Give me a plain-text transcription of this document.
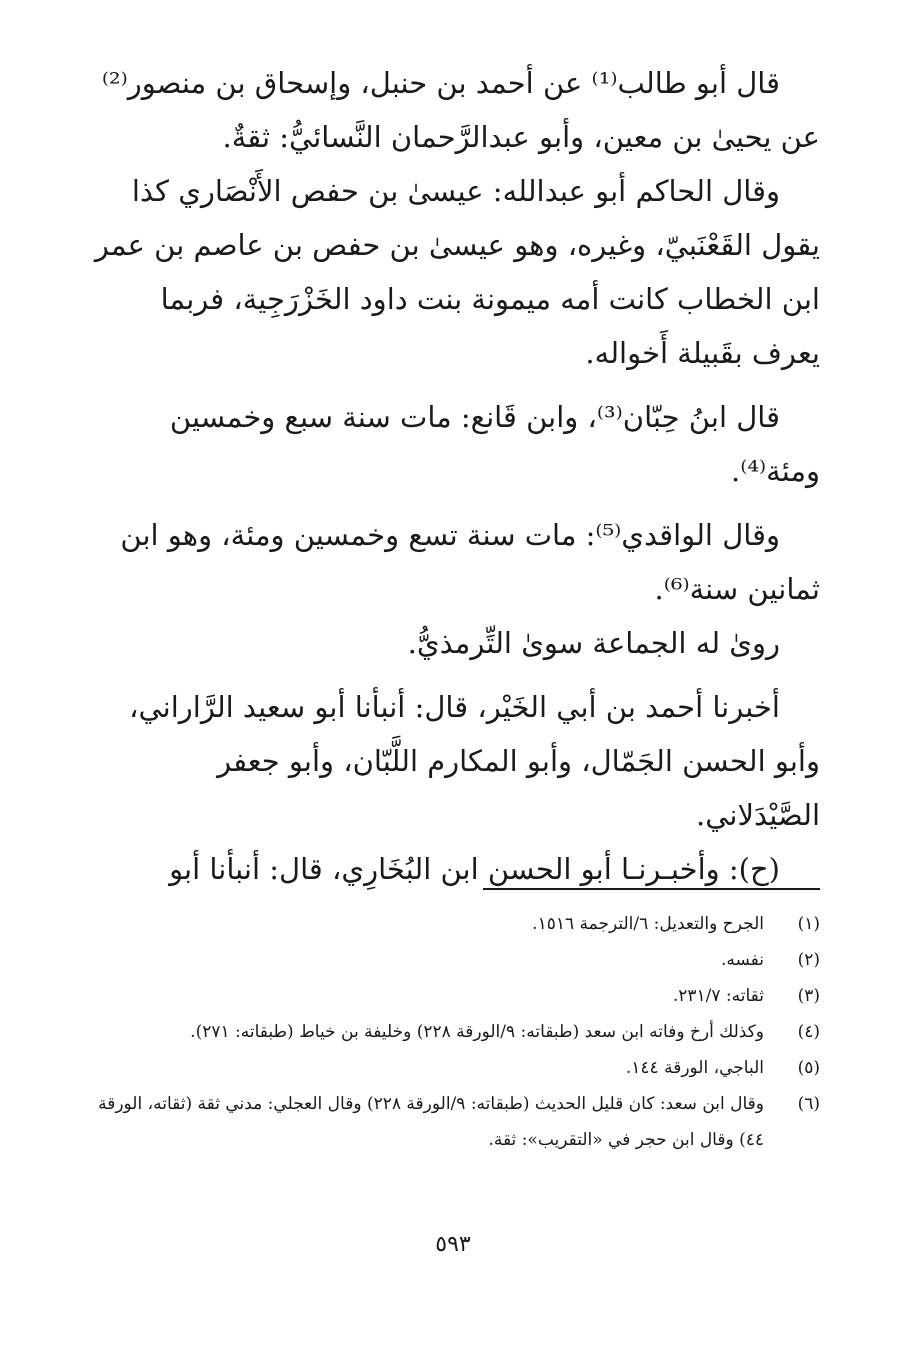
قال أبو طالب⁽¹⁾ عن أحمد بن حنبل، وإسحاق بن منصور⁽²⁾ عن يحيىٰ بن معين، وأبو عبدالرَّحمان النَّسائيُّ: ثقةٌ.

وقال الحاكم أبو عبدالله: عيسىٰ بن حفص الأَنْصَاري كذا يقول القَعْنَبيّ، وغيره، وهو عيسىٰ بن حفص بن عاصم بن عمر ابن الخطاب كانت أمه ميمونة بنت داود الخَزْرَجِية، فربما يعرف بقَبيلة أَخواله.

قال ابنُ حِبّان⁽³⁾، وابن قَانع: مات سنة سبع وخمسين ومئة⁽⁴⁾.

وقال الواقدي⁽⁵⁾: مات سنة تسع وخمسين ومئة، وهو ابن ثمانين سنة⁽⁶⁾.

روىٰ له الجماعة سوىٰ التِّرمذيُّ.

أخبرنا أحمد بن أبي الخَيْر، قال: أنبأنا أبو سعيد الرَّاراني، وأبو الحسن الجَمّال، وأبو المكارم اللَّبّان، وأبو جعفر الصَّيْدَلاني.

(ح): وأخبـرنـا أبو الحسن ابن البُخَارِي، قال: أنبأنا أبو

(١)
الجرح والتعديل: ٦/الترجمة ١٥١٦.
(٢)
نفسه.
(٣)
ثقاته: ٢٣١/٧.
(٤)
وكذلك أرخ وفاته ابن سعد (طبقاته: ٩/الورقة ٢٢٨) وخليفة بن خياط (طبقاته: ٢٧١).
(٥)
الباجي، الورقة ١٤٤.
(٦)
وقال ابن سعد: كان قليل الحديث (طبقاته: ٩/الورقة ٢٢٨) وقال العجلي: مدني ثقة (ثقاته، الورقة ٤٤) وقال ابن حجر في «التقريب»: ثقة.
٥٩٣
